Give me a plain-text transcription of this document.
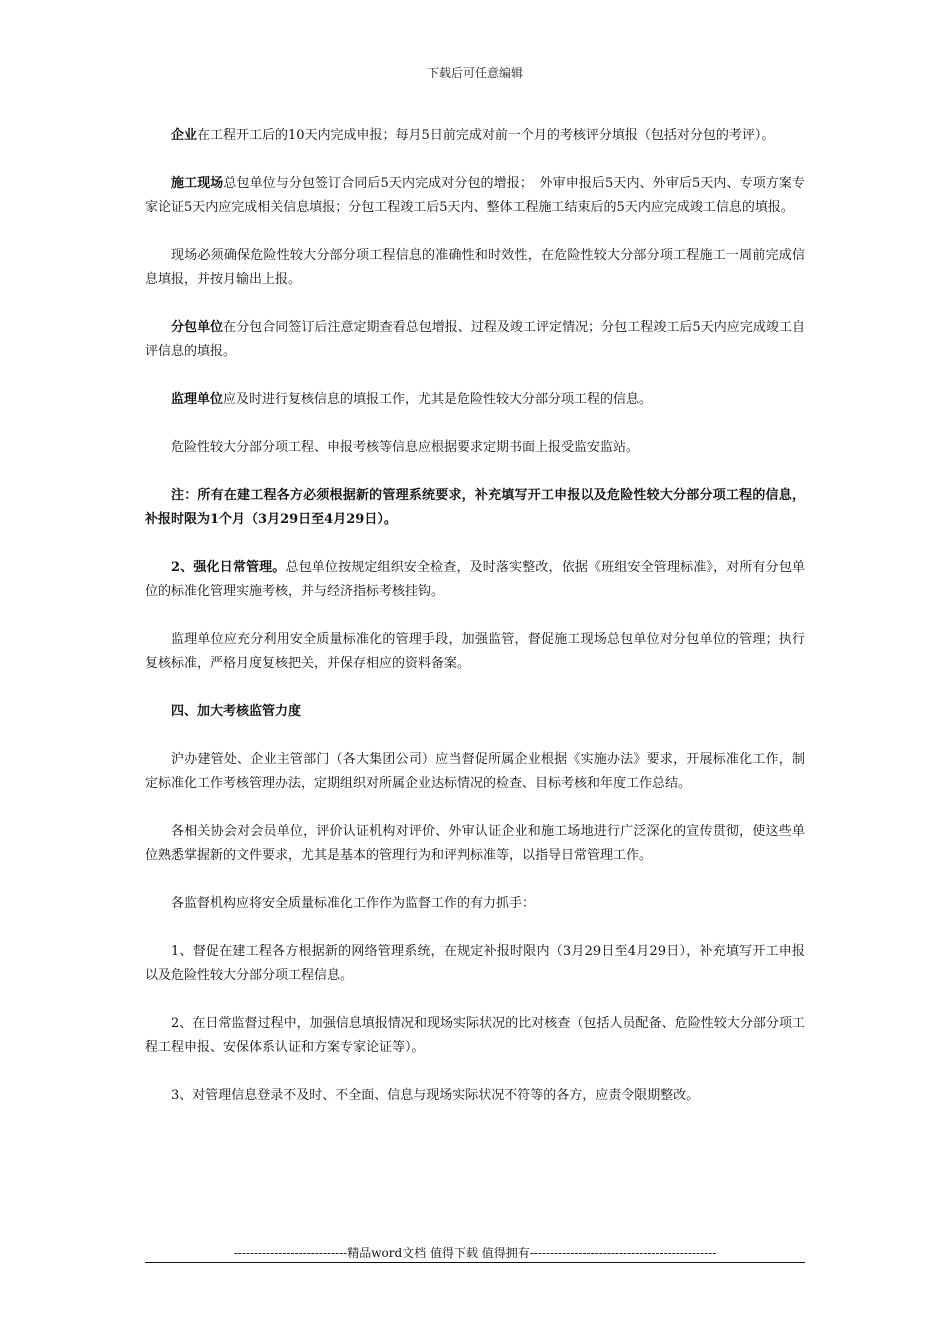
下载后可任意编辑

企业在工程开工后的10天内完成申报；每月5日前完成对前一个月的考核评分填报（包括对分包的考评）。

施工现场总包单位与分包签订合同后5天内完成对分包的增报；　外审申报后5天内、外审后5天内、专项方案专家论证5天内应完成相关信息填报；分包工程竣工后5天内、整体工程施工结束后的5天内应完成竣工信息的填报。

现场必须确保危险性较大分部分项工程信息的准确性和时效性，在危险性较大分部分项工程施工一周前完成信息填报，并按月输出上报。

分包单位在分包合同签订后注意定期查看总包增报、过程及竣工评定情况；分包工程竣工后5天内应完成竣工自评信息的填报。

监理单位应及时进行复核信息的填报工作，尤其是危险性较大分部分项工程的信息。

危险性较大分部分项工程、申报考核等信息应根据要求定期书面上报受监安监站。

注：所有在建工程各方必须根据新的管理系统要求，补充填写开工申报以及危险性较大分部分项工程的信息，补报时限为1个月（3月29日至4月29日）。

2、强化日常管理。总包单位按规定组织安全检查，及时落实整改，依据《班组安全管理标准》，对所有分包单位的标准化管理实施考核，并与经济指标考核挂钩。

监理单位应充分利用安全质量标准化的管理手段，加强监管，督促施工现场总包单位对分包单位的管理；执行复核标准，严格月度复核把关，并保存相应的资料备案。

四、加大考核监管力度

沪办建管处、企业主管部门（各大集团公司）应当督促所属企业根据《实施办法》要求，开展标准化工作，制定标准化工作考核管理办法，定期组织对所属企业达标情况的检查、目标考核和年度工作总结。

各相关协会对会员单位，评价认证机构对评价、外审认证企业和施工场地进行广泛深化的宣传贯彻，使这些单位熟悉掌握新的文件要求，尤其是基本的管理行为和评判标准等，以指导日常管理工作。

各监督机构应将安全质量标准化工作作为监督工作的有力抓手：

1、督促在建工程各方根据新的网络管理系统，在规定补报时限内（3月29日至4月29日），补充填写开工申报以及危险性较大分部分项工程信息。

2、在日常监督过程中，加强信息填报情况和现场实际状况的比对核查（包括人员配备、危险性较大分部分项工程工程申报、安保体系认证和方案专家论证等）。

3、对管理信息登录不及时、不全面、信息与现场实际状况不符等的各方，应责令限期整改。

----------------------------精品word文档 值得下载 值得拥有----------------------------------------------
